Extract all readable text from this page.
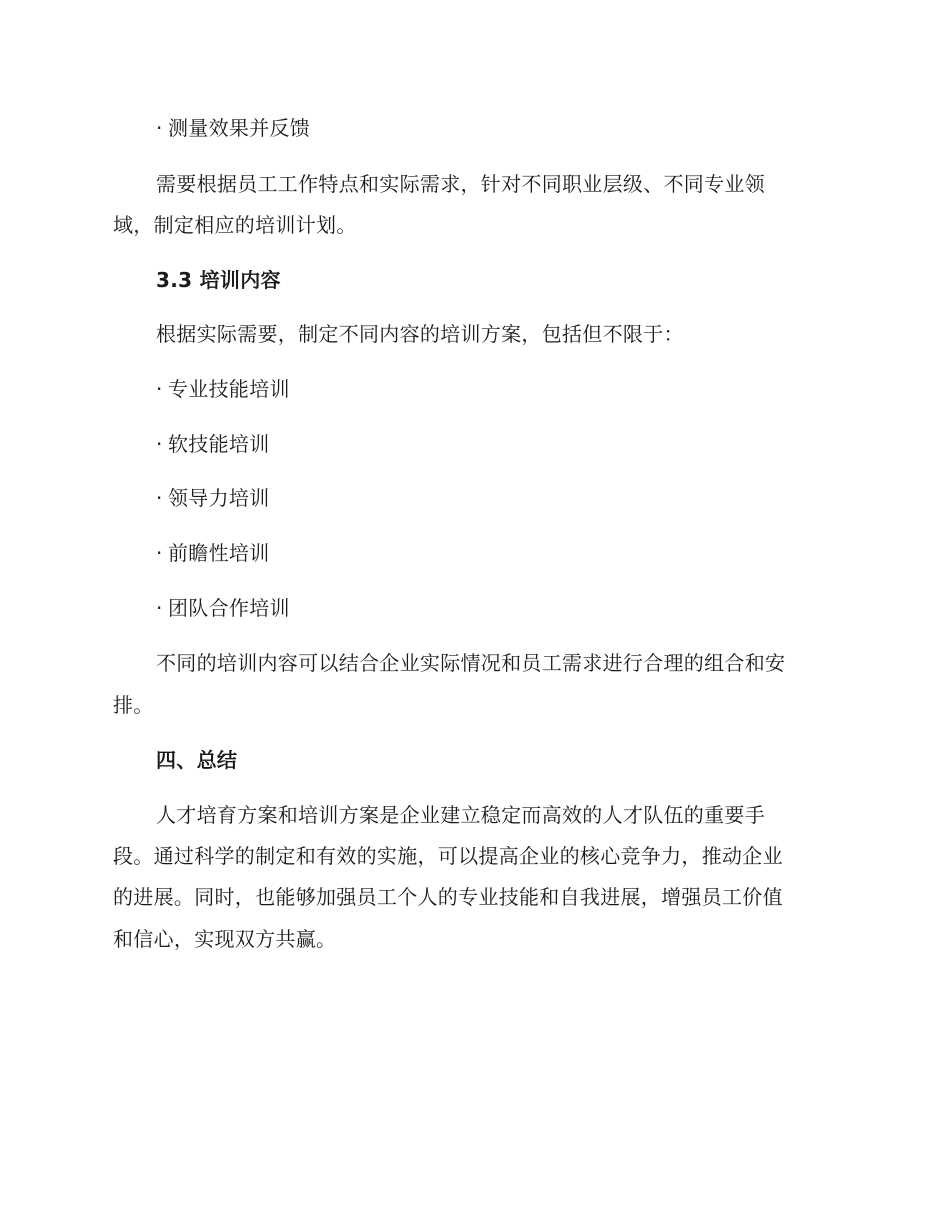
· 测量效果并反馈
需要根据员工工作特点和实际需求，针对不同职业层级、不同专业领
域，制定相应的培训计划。
3.3 培训内容
根据实际需要，制定不同内容的培训方案，包括但不限于：
· 专业技能培训
· 软技能培训
· 领导力培训
· 前瞻性培训
· 团队合作培训
不同的培训内容可以结合企业实际情况和员工需求进行合理的组合和安
排。
四、总结
人才培育方案和培训方案是企业建立稳定而高效的人才队伍的重要手
段。通过科学的制定和有效的实施，可以提高企业的核心竞争力，推动企业
的进展。同时，也能够加强员工个人的专业技能和自我进展，增强员工价值
和信心，实现双方共赢。
